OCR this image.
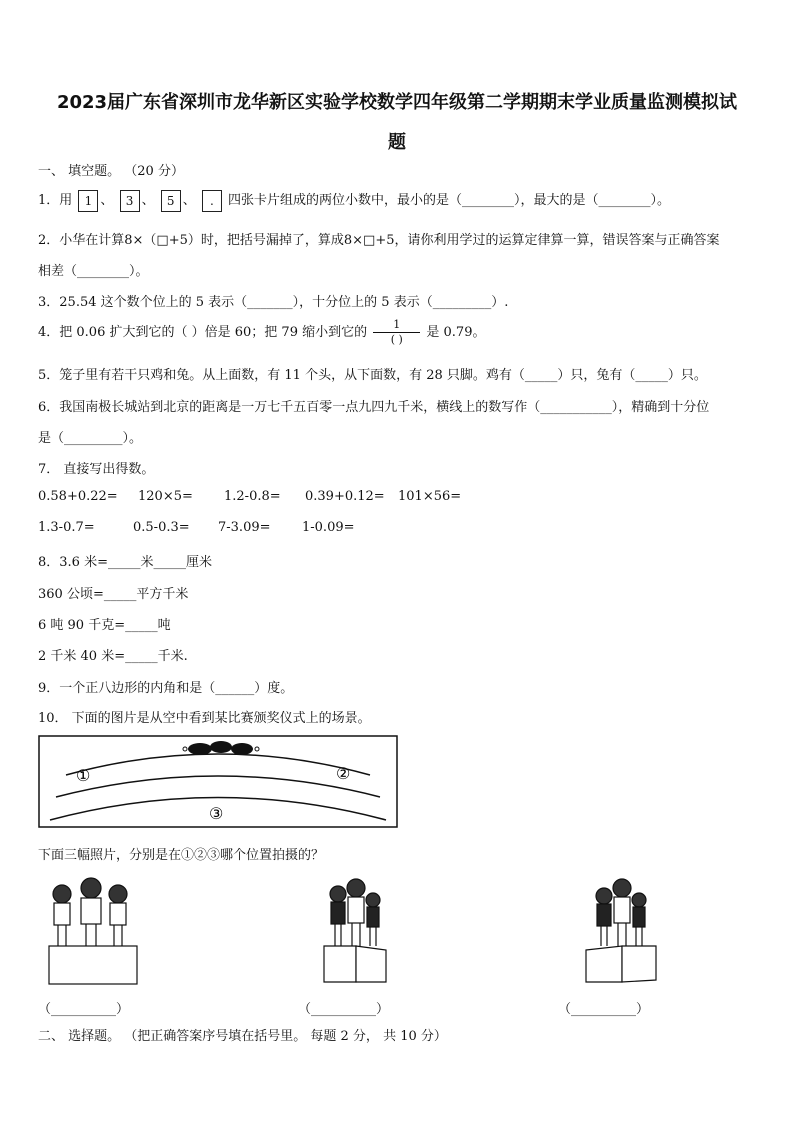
2023届广东省深圳市龙华新区实验学校数学四年级第二学期期末学业质量监测模拟试
题
一、 填空题。 （20 分）
1．用 1 、 3 、 5 、 . 四张卡片组成的两位小数中，最小的是（________），最大的是（________）。
2．小华在计算8×（□+5）时，把括号漏掉了，算成8×□+5，请你利用学过的运算定律算一算，错误答案与正确答案
相差（________）。
3．25.54 这个数个位上的 5 表示（_______），十分位上的 5 表示（_________）.
4．把 0.06 扩大到它的（ ）倍是 60；把 79 缩小到它的 $\frac{1}{( )}$ 是 0.79。
5．笼子里有若干只鸡和兔。从上面数，有 11 个头，从下面数，有 28 只脚。鸡有（_____）只，兔有（_____）只。
6．我国南极长城站到北京的距离是一万七千五百零一点九四九千米，横线上的数写作（___________），精确到十分位
是（_________）。
7． 直接写出得数。
0.58+0.22= 120×5= 1.2-0.8= 0.39+0.12= 101×56=
1.3-0.7=	0.5-0.3= 7-3.09= 1-0.09=
8．3.6 米=_____米_____厘米
360 公顷=_____平方千米
6 吨 90 千克=_____吨
2 千米 40 米=_____千米.
9．一个正八边形的内角和是（______）度。
10． 下面的图片是从空中看到某比赛颁奖仪式上的场景。
①	②
③
下面三幅照片，分别是在①②③哪个位置拍摄的？
（__________）	（__________）	（__________）
二、 选择题。 （把正确答案序号填在括号里。 每题 2 分， 共 10 分）
